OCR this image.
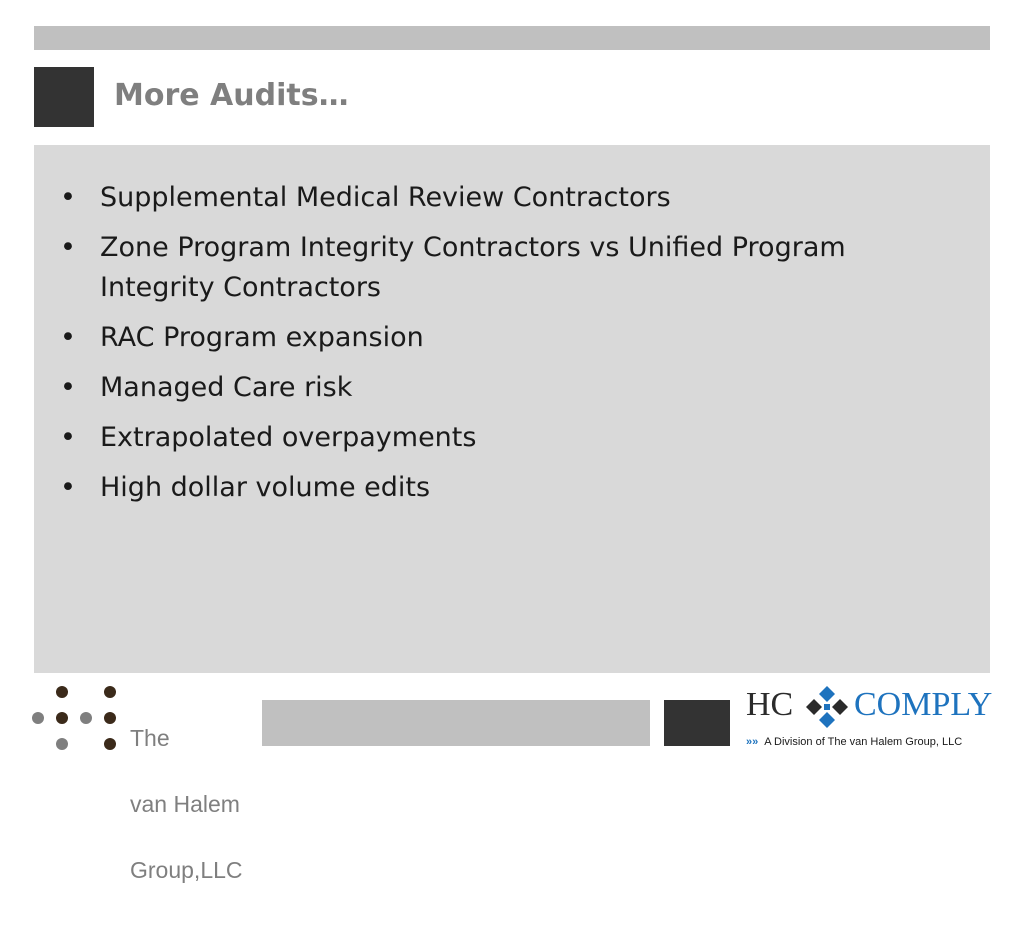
More Audits…
• Supplemental Medical Review Contractors
• Zone Program Integrity Contractors vs Unified Program Integrity Contractors
• RAC Program expansion
• Managed Care risk
• Extrapolated overpayments
• High dollar volume edits

The

van Halem

Group,LLC

HC COMPLY
»» A Division of The van Halem Group, LLC
